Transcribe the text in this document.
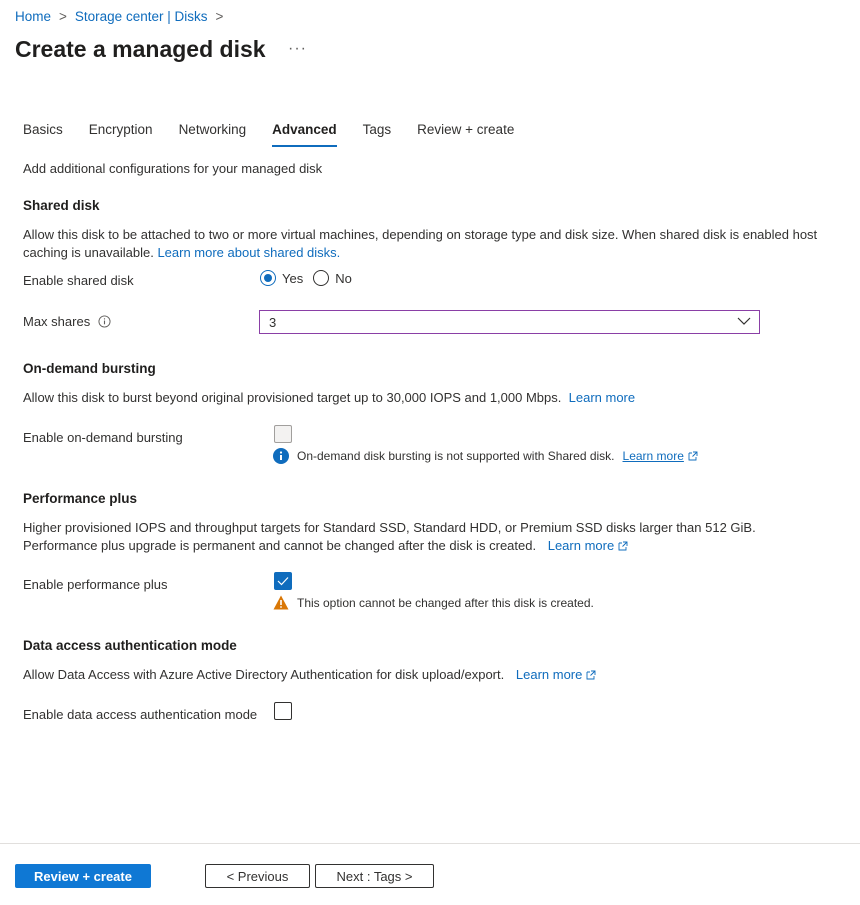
Home > Storage center | Disks >
Create a managed disk ···
Basics Encryption Networking Advanced Tags Review + create
Add additional configurations for your managed disk
Shared disk
Allow this disk to be attached to two or more virtual machines, depending on storage type and disk size. When shared disk is enabled host caching is unavailable. Learn more about shared disks.
Enable shared disk	Yes No
Max shares	3
On-demand bursting
Allow this disk to burst beyond original provisioned target up to 30,000 IOPS and 1,000 Mbps. Learn more
Enable on-demand bursting
On-demand disk bursting is not supported with Shared disk. Learn more
Performance plus
Higher provisioned IOPS and throughput targets for Standard SSD, Standard HDD, or Premium SSD disks larger than 512 GiB.
Performance plus upgrade is permanent and cannot be changed after the disk is created.
Learn more
Enable performance plus
This option cannot be changed after this disk is created.
Data access authentication mode
Allow Data Access with Azure Active Directory Authentication for disk upload/export.
Learn more
Enable data access authentication mode
Review + create	< Previous	Next : Tags >
